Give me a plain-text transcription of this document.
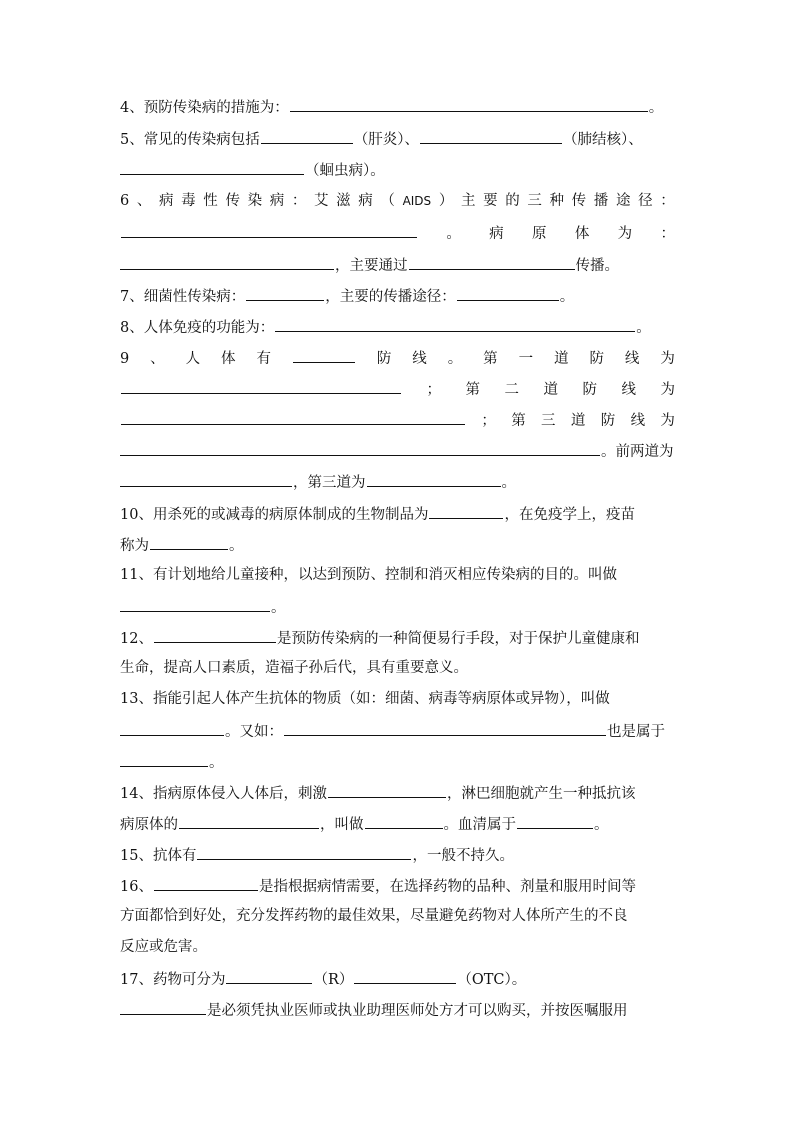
4、预防传染病的措施为：	。
5、常见的传染病包括	（肝炎）、	（肺结核）、
（蛔虫病）。
6 、 病 毒 性 传 染 病 ： 艾 滋 病 （ AIDS ） 主 要 的 三 种 传 播 途 径 ：
。 病 原 体 为 ：
，主要通过	传播。
7、细菌性传染病：	，主要的传播途径：	。
8、人体免疫的功能为：	。
9 、 人 体 有	防 线 。 第 一 道 防 线 为
； 第 二 道 防 线 为
； 第 三 道 防 线 为
。前两道为
，第三道为	。
10、用杀死的或减毒的病原体制成的生物制品为	，在免疫学上，疫苗
称为	。
11、有计划地给儿童接种，以达到预防、控制和消灭相应传染病的目的。叫做
。
12、	是预防传染病的一种简便易行手段，对于保护儿童健康和
生命，提高人口素质，造福子孙后代，具有重要意义。
13、指能引起人体产生抗体的物质（如：细菌、病毒等病原体或异物），叫做
。又如：	也是属于
。
14、指病原体侵入人体后，刺激	，淋巴细胞就产生一种抵抗该
病原体的	，叫做	。血清属于	。
15、抗体有	，一般不持久。
16、	是指根据病情需要，在选择药物的品种、剂量和服用时间等
方面都恰到好处，充分发挥药物的最佳效果，尽量避免药物对人体所产生的不良
反应或危害。
17、药物可分为	（R）	（OTC）。
是必须凭执业医师或执业助理医师处方才可以购买，并按医嘱服用
